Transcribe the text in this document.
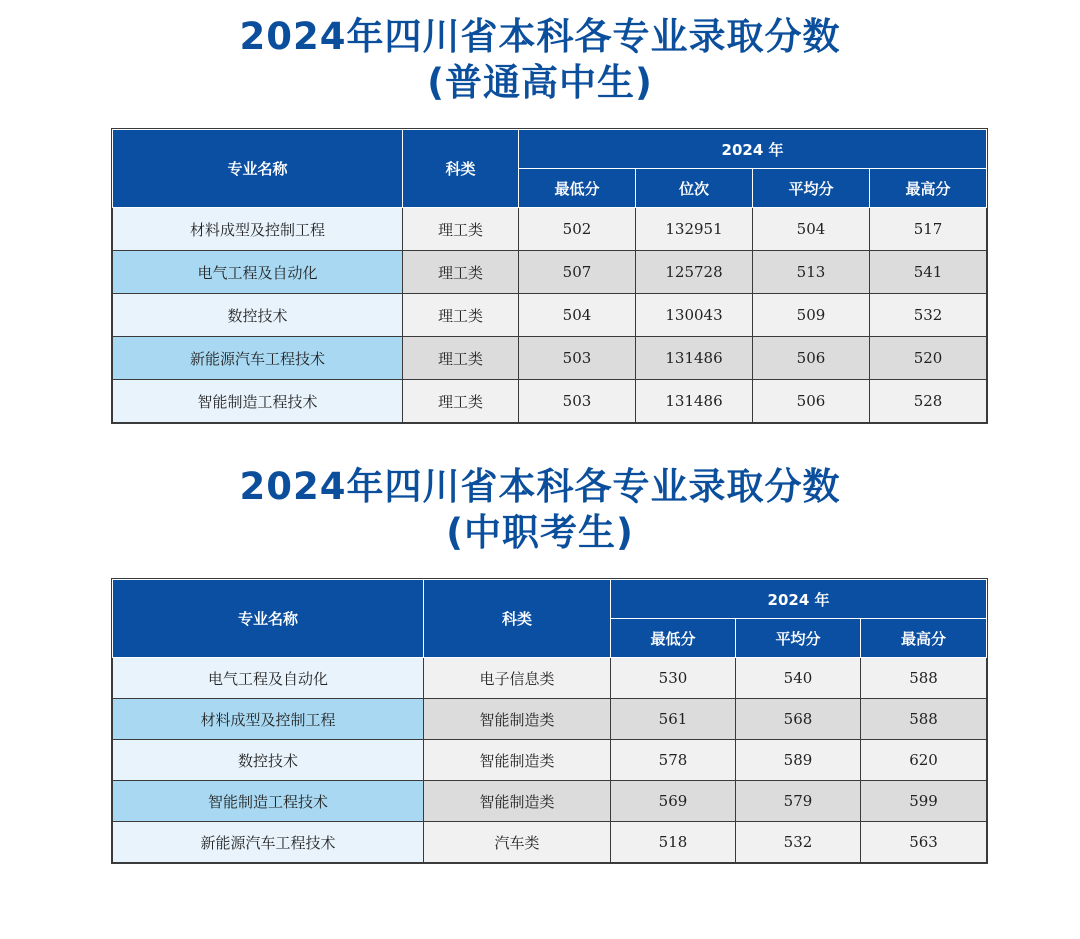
2024年四川省本科各专业录取分数
(普通高中生)
专业名称	科类	2024 年			
		最低分	位次	平均分	最高分
材料成型及控制工程	理工类	502	132951	504	517
电气工程及自动化	理工类	507	125728	513	541
数控技术	理工类	504	130043	509	532
新能源汽车工程技术	理工类	503	131486	506	520
智能制造工程技术	理工类	503	131486	506	528
2024年四川省本科各专业录取分数
(中职考生)
专业名称	科类	2024 年		
		最低分	平均分	最高分
电气工程及自动化	电子信息类	530	540	588
材料成型及控制工程	智能制造类	561	568	588
数控技术	智能制造类	578	589	620
智能制造工程技术	智能制造类	569	579	599
新能源汽车工程技术	汽车类	518	532	563
